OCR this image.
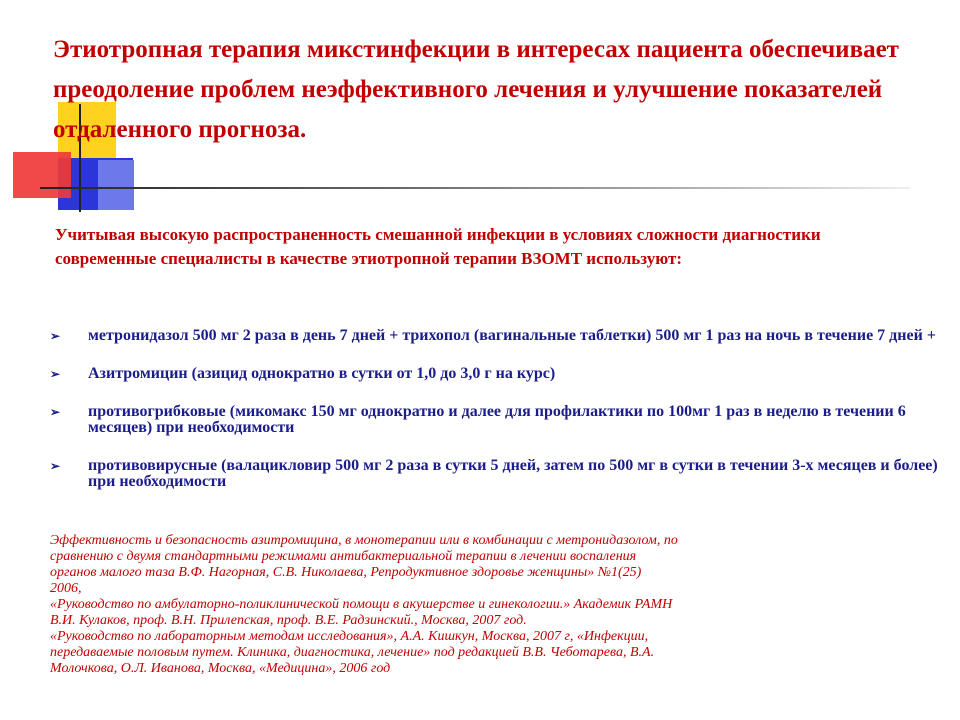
Этиотропная терапия микстинфекции в интересах пациента обеспечивает преодоление проблем неэффективного лечения и улучшение показателей отдаленного прогноза.

Учитывая высокую распространенность смешанной инфекции в условиях сложности диагностики современные специалисты в качестве этиотропной терапии ВЗОМТ используют:

➢ метронидазол 500 мг 2 раза в день 7 дней + трихопол (вагинальные таблетки) 500 мг 1 раз на ночь в течение 7 дней +
➢ Азитромицин (азицид однократно в сутки от 1,0 до 3,0 г на курс)
➢ противогрибковые (микомакс 150 мг однократно и далее для профилактики по 100мг 1 раз в неделю в течении 6 месяцев) при необходимости
➢ противовирусные (валацикловир 500 мг 2 раза в сутки 5 дней, затем по 500 мг в сутки в течении 3-х месяцев и более) при необходимости
Эффективность и безопасность азитромицина, в монотерапии или в комбинации с метронидазолом, по
сравнению с двумя стандартными режимами антибактериальной терапии в лечении воспаления
органов малого таза В.Ф. Нагорная, С.В. Николаева, Репродуктивное здоровье женщины» №1(25)
2006,
«Руководство по амбулаторно-поликлинической помощи в акушерстве и гинекологии.» Академик РАМН
В.И. Кулаков, проф. В.Н. Прилепская, проф. В.Е. Радзинский., Москва, 2007 год.
«Руководство по лабораторным методам исследования», А.А. Кишкун, Москва, 2007 г, «Инфекции,
передаваемые половым путем. Клиника, диагностика, лечение» под редакцией В.В. Чеботарева, В.А.
Молочкова, О.Л. Иванова, Москва, «Медицина», 2006 год
